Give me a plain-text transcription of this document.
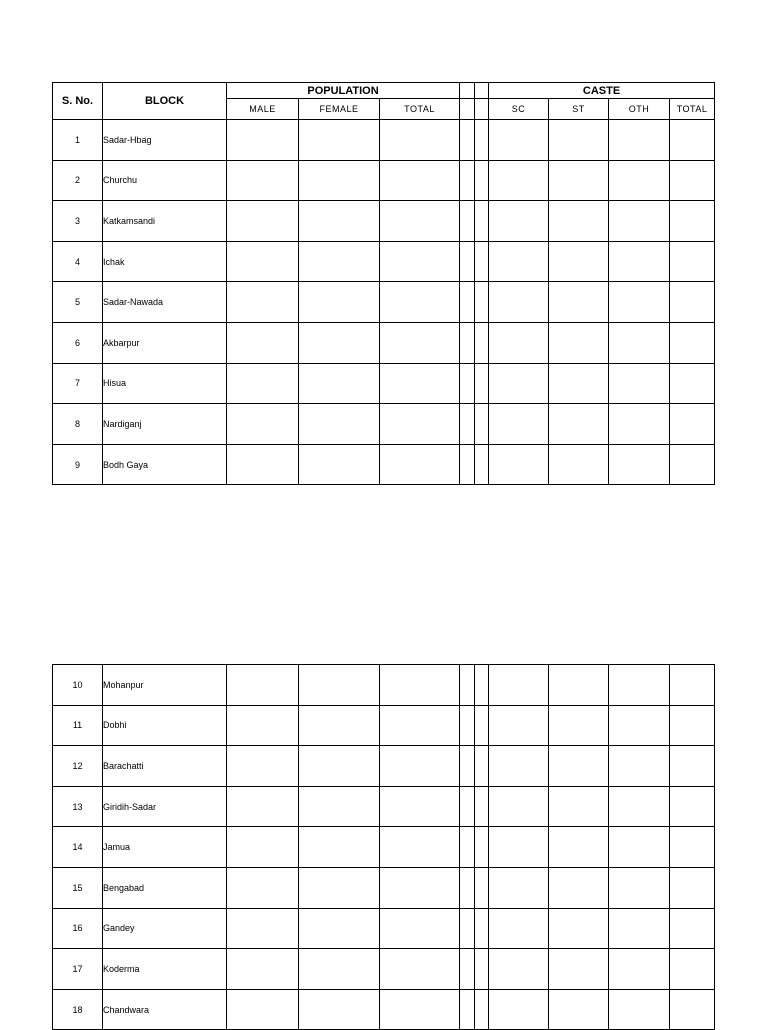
S. No.	BLOCK	POPULATION					CASTE			
		MALE	FEMALE	TOTAL			SC	ST	OTH	TOTAL
1	Sadar-Hbag									
2	Churchu									
3	Katkamsandi									
4	Ichak									
5	Sadar-Nawada									
6	Akbarpur									
7	Hisua									
8	Nardiganj									
9	Bodh Gaya									
10	Mohanpur									
11	Dobhi									
12	Barachatti									
13	Giridih-Sadar									
14	Jamua									
15	Bengabad									
16	Gandey									
17	Koderma									
18	Chandwara									
